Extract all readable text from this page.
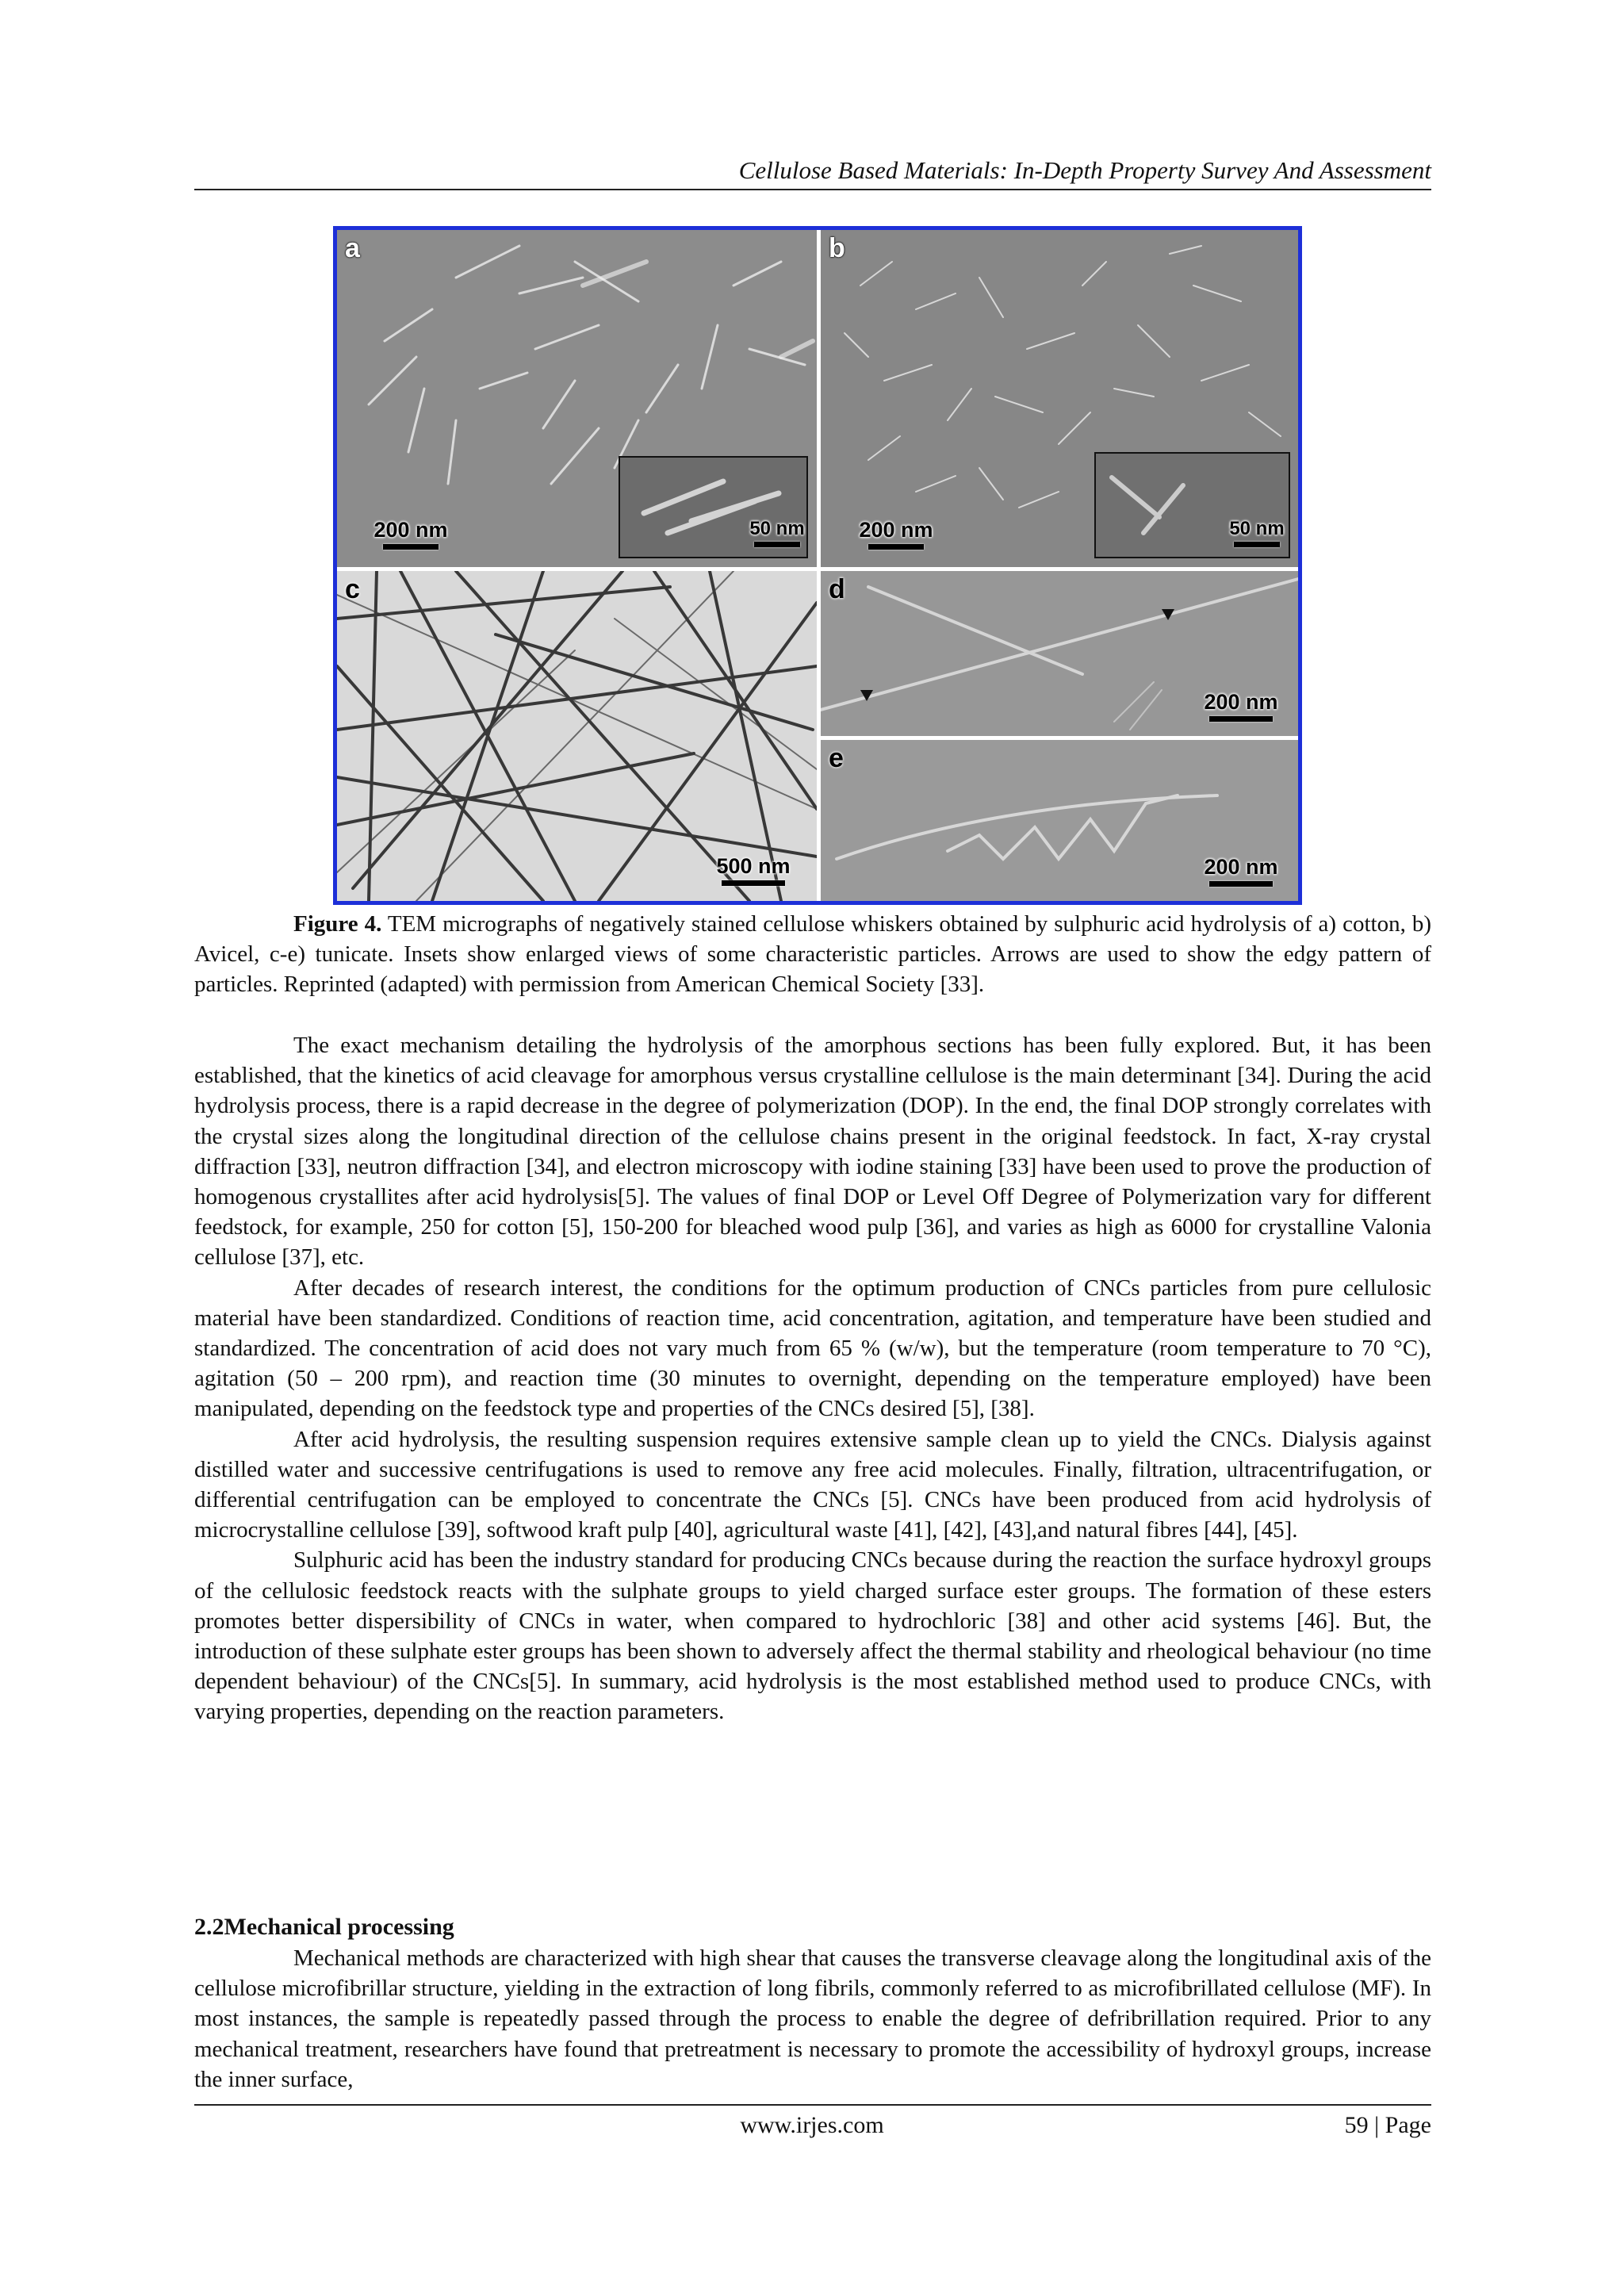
Cellulose Based Materials: In-Depth Property Survey And Assessment
a
200 nm	50 nm
b
200 nm	50 nm
c
500 nm
d
200 nm
e
200 nm

Figure 4. TEM micrographs of negatively stained cellulose whiskers obtained by sulphuric acid hydrolysis of a) cotton, b) Avicel, c-e) tunicate. Insets show enlarged views of some characteristic particles. Arrows are used to show the edgy pattern of particles. Reprinted (adapted) with permission from American Chemical Society [33].

The exact mechanism detailing the hydrolysis of the amorphous sections has been fully explored. But, it has been established, that the kinetics of acid cleavage for amorphous versus crystalline cellulose is the main determinant [34]. During the acid hydrolysis process, there is a rapid decrease in the degree of polymerization (DOP). In the end, the final DOP strongly correlates with the crystal sizes along the longitudinal direction of the cellulose chains present in the original feedstock. In fact, X-ray crystal diffraction [33], neutron diffraction [34], and electron microscopy with iodine staining [33] have been used to prove the production of homogenous crystallites after acid hydrolysis[5]. The values of final DOP or Level Off Degree of Polymerization vary for different feedstock, for example, 250 for cotton [5], 150-200 for bleached wood pulp [36], and varies as high as 6000 for crystalline Valonia cellulose [37], etc.

After decades of research interest, the conditions for the optimum production of CNCs particles from pure cellulosic material have been standardized. Conditions of reaction time, acid concentration, agitation, and temperature have been studied and standardized. The concentration of acid does not vary much from 65 % (w/w), but the temperature (room temperature to 70 °C), agitation (50 – 200 rpm), and reaction time (30 minutes to overnight, depending on the temperature employed) have been manipulated, depending on the feedstock type and properties of the CNCs desired [5], [38].

After acid hydrolysis, the resulting suspension requires extensive sample clean up to yield the CNCs. Dialysis against distilled water and successive centrifugations is used to remove any free acid molecules. Finally, filtration, ultracentrifugation, or differential centrifugation can be employed to concentrate the CNCs [5]. CNCs have been produced from acid hydrolysis of microcrystalline cellulose [39], softwood kraft pulp [40], agricultural waste [41], [42], [43],and natural fibres [44], [45].

Sulphuric acid has been the industry standard for producing CNCs because during the reaction the surface hydroxyl groups of the cellulosic feedstock reacts with the sulphate groups to yield charged surface ester groups. The formation of these esters promotes better dispersibility of CNCs in water, when compared to hydrochloric [38] and other acid systems [46]. But, the introduction of these sulphate ester groups has been shown to adversely affect the thermal stability and rheological behaviour (no time dependent behaviour) of the CNCs[5]. In summary, acid hydrolysis is the most established method used to produce CNCs, with varying properties, depending on the reaction parameters.

2.2Mechanical processing

Mechanical methods are characterized with high shear that causes the transverse cleavage along the longitudinal axis of the cellulose microfibrillar structure, yielding in the extraction of long fibrils, commonly referred to as microfibrillated cellulose (MF). In most instances, the sample is repeatedly passed through the process to enable the degree of defribrillation required. Prior to any mechanical treatment, researchers have found that pretreatment is necessary to promote the accessibility of hydroxyl groups, increase the inner surface,

www.irjes.com	59 | Page
